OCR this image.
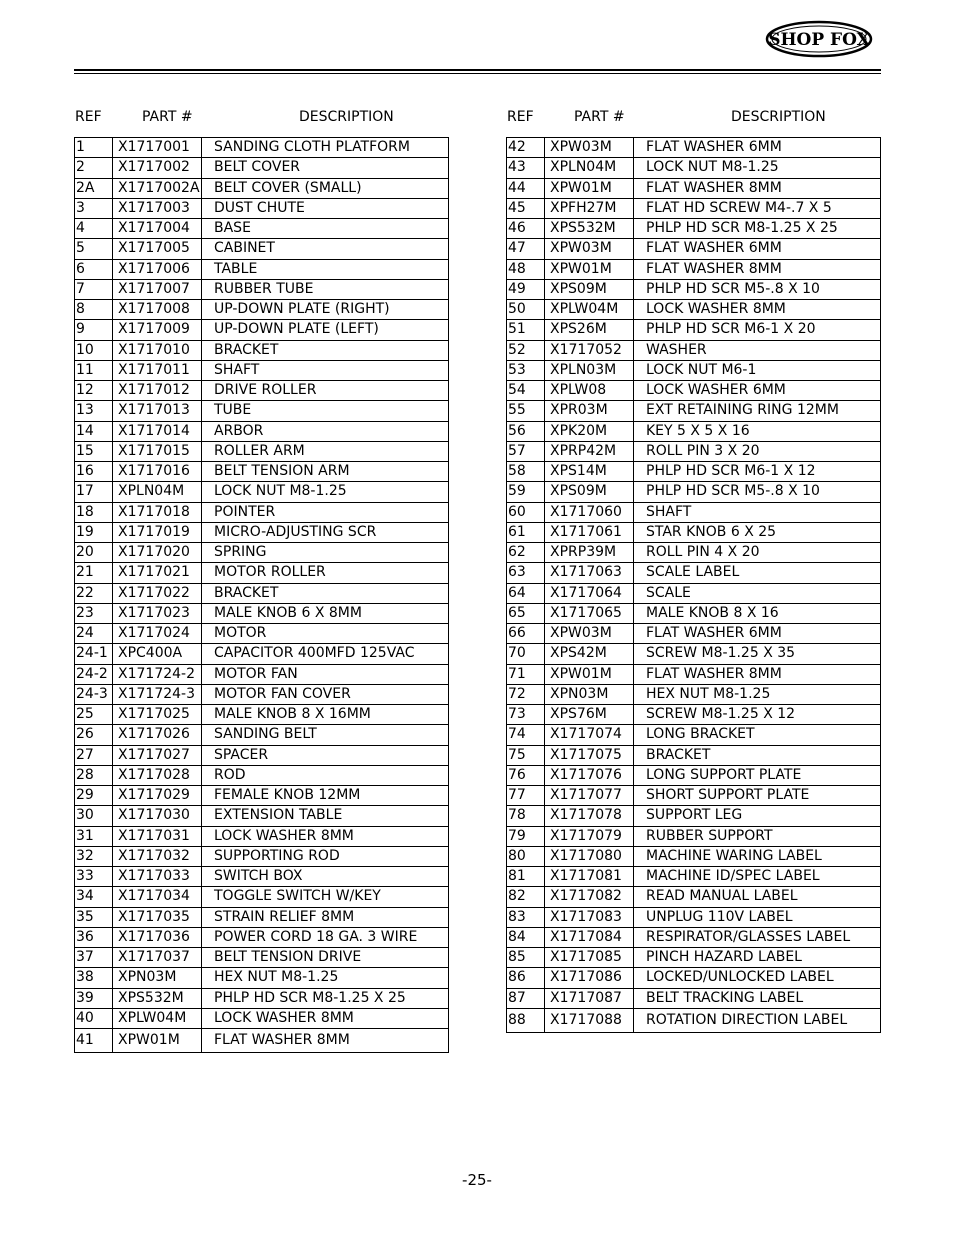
SHOP FOX
REF	PART #	DESCRIPTION
1	X1717001	SANDING CLOTH PLATFORM
2	X1717002	BELT COVER
2A	X1717002A	BELT COVER (SMALL)
3	X1717003	DUST CHUTE
4	X1717004	BASE
5	X1717005	CABINET
6	X1717006	TABLE
7	X1717007	RUBBER TUBE
8	X1717008	UP-DOWN PLATE (RIGHT)
9	X1717009	UP-DOWN PLATE (LEFT)
10	X1717010	BRACKET
11	X1717011	SHAFT
12	X1717012	DRIVE ROLLER
13	X1717013	TUBE
14	X1717014	ARBOR
15	X1717015	ROLLER ARM
16	X1717016	BELT TENSION ARM
17	XPLN04M	LOCK NUT M8-1.25
18	X1717018	POINTER
19	X1717019	MICRO-ADJUSTING SCR
20	X1717020	SPRING
21	X1717021	MOTOR ROLLER
22	X1717022	BRACKET
23	X1717023	MALE KNOB 6 X 8MM
24	X1717024	MOTOR
24-1	XPC400A	CAPACITOR 400MFD 125VAC
24-2	X171724-2	MOTOR FAN
24-3	X171724-3	MOTOR FAN COVER
25	X1717025	MALE KNOB 8 X 16MM
26	X1717026	SANDING BELT
27	X1717027	SPACER
28	X1717028	ROD
29	X1717029	FEMALE KNOB 12MM
30	X1717030	EXTENSION TABLE
31	X1717031	LOCK WASHER 8MM
32	X1717032	SUPPORTING ROD
33	X1717033	SWITCH BOX
34	X1717034	TOGGLE SWITCH W/KEY
35	X1717035	STRAIN RELIEF 8MM
36	X1717036	POWER CORD 18 GA. 3 WIRE
37	X1717037	BELT TENSION DRIVE
38	XPN03M	HEX NUT M8-1.25
39	XPS532M	PHLP HD SCR M8-1.25 X 25
40	XPLW04M	LOCK WASHER 8MM
41	XPW01M	FLAT WASHER 8MM
REF	PART #	DESCRIPTION
42	XPW03M	FLAT WASHER 6MM
43	XPLN04M	LOCK NUT M8-1.25
44	XPW01M	FLAT WASHER 8MM
45	XPFH27M	FLAT HD SCREW M4-.7 X 5
46	XPS532M	PHLP HD SCR M8-1.25 X 25
47	XPW03M	FLAT WASHER 6MM
48	XPW01M	FLAT WASHER 8MM
49	XPS09M	PHLP HD SCR M5-.8 X 10
50	XPLW04M	LOCK WASHER 8MM
51	XPS26M	PHLP HD SCR M6-1 X 20
52	X1717052	WASHER
53	XPLN03M	LOCK NUT M6-1
54	XPLW08	LOCK WASHER 6MM
55	XPR03M	EXT RETAINING RING 12MM
56	XPK20M	KEY 5 X 5 X 16
57	XPRP42M	ROLL PIN 3 X 20
58	XPS14M	PHLP HD SCR M6-1 X 12
59	XPS09M	PHLP HD SCR M5-.8 X 10
60	X1717060	SHAFT
61	X1717061	STAR KNOB 6 X 25
62	XPRP39M	ROLL PIN 4 X 20
63	X1717063	SCALE LABEL
64	X1717064	SCALE
65	X1717065	MALE KNOB 8 X 16
66	XPW03M	FLAT WASHER 6MM
70	XPS42M	SCREW M8-1.25 X 35
71	XPW01M	FLAT WASHER 8MM
72	XPN03M	HEX NUT M8-1.25
73	XPS76M	SCREW M8-1.25 X 12
74	X1717074	LONG BRACKET
75	X1717075	BRACKET
76	X1717076	LONG SUPPORT PLATE
77	X1717077	SHORT SUPPORT PLATE
78	X1717078	SUPPORT LEG
79	X1717079	RUBBER SUPPORT
80	X1717080	MACHINE WARING LABEL
81	X1717081	MACHINE ID/SPEC LABEL
82	X1717082	READ MANUAL LABEL
83	X1717083	UNPLUG 110V LABEL
84	X1717084	RESPIRATOR/GLASSES LABEL
85	X1717085	PINCH HAZARD LABEL
86	X1717086	LOCKED/UNLOCKED LABEL
87	X1717087	BELT TRACKING LABEL
88	X1717088	ROTATION DIRECTION LABEL
-25-
